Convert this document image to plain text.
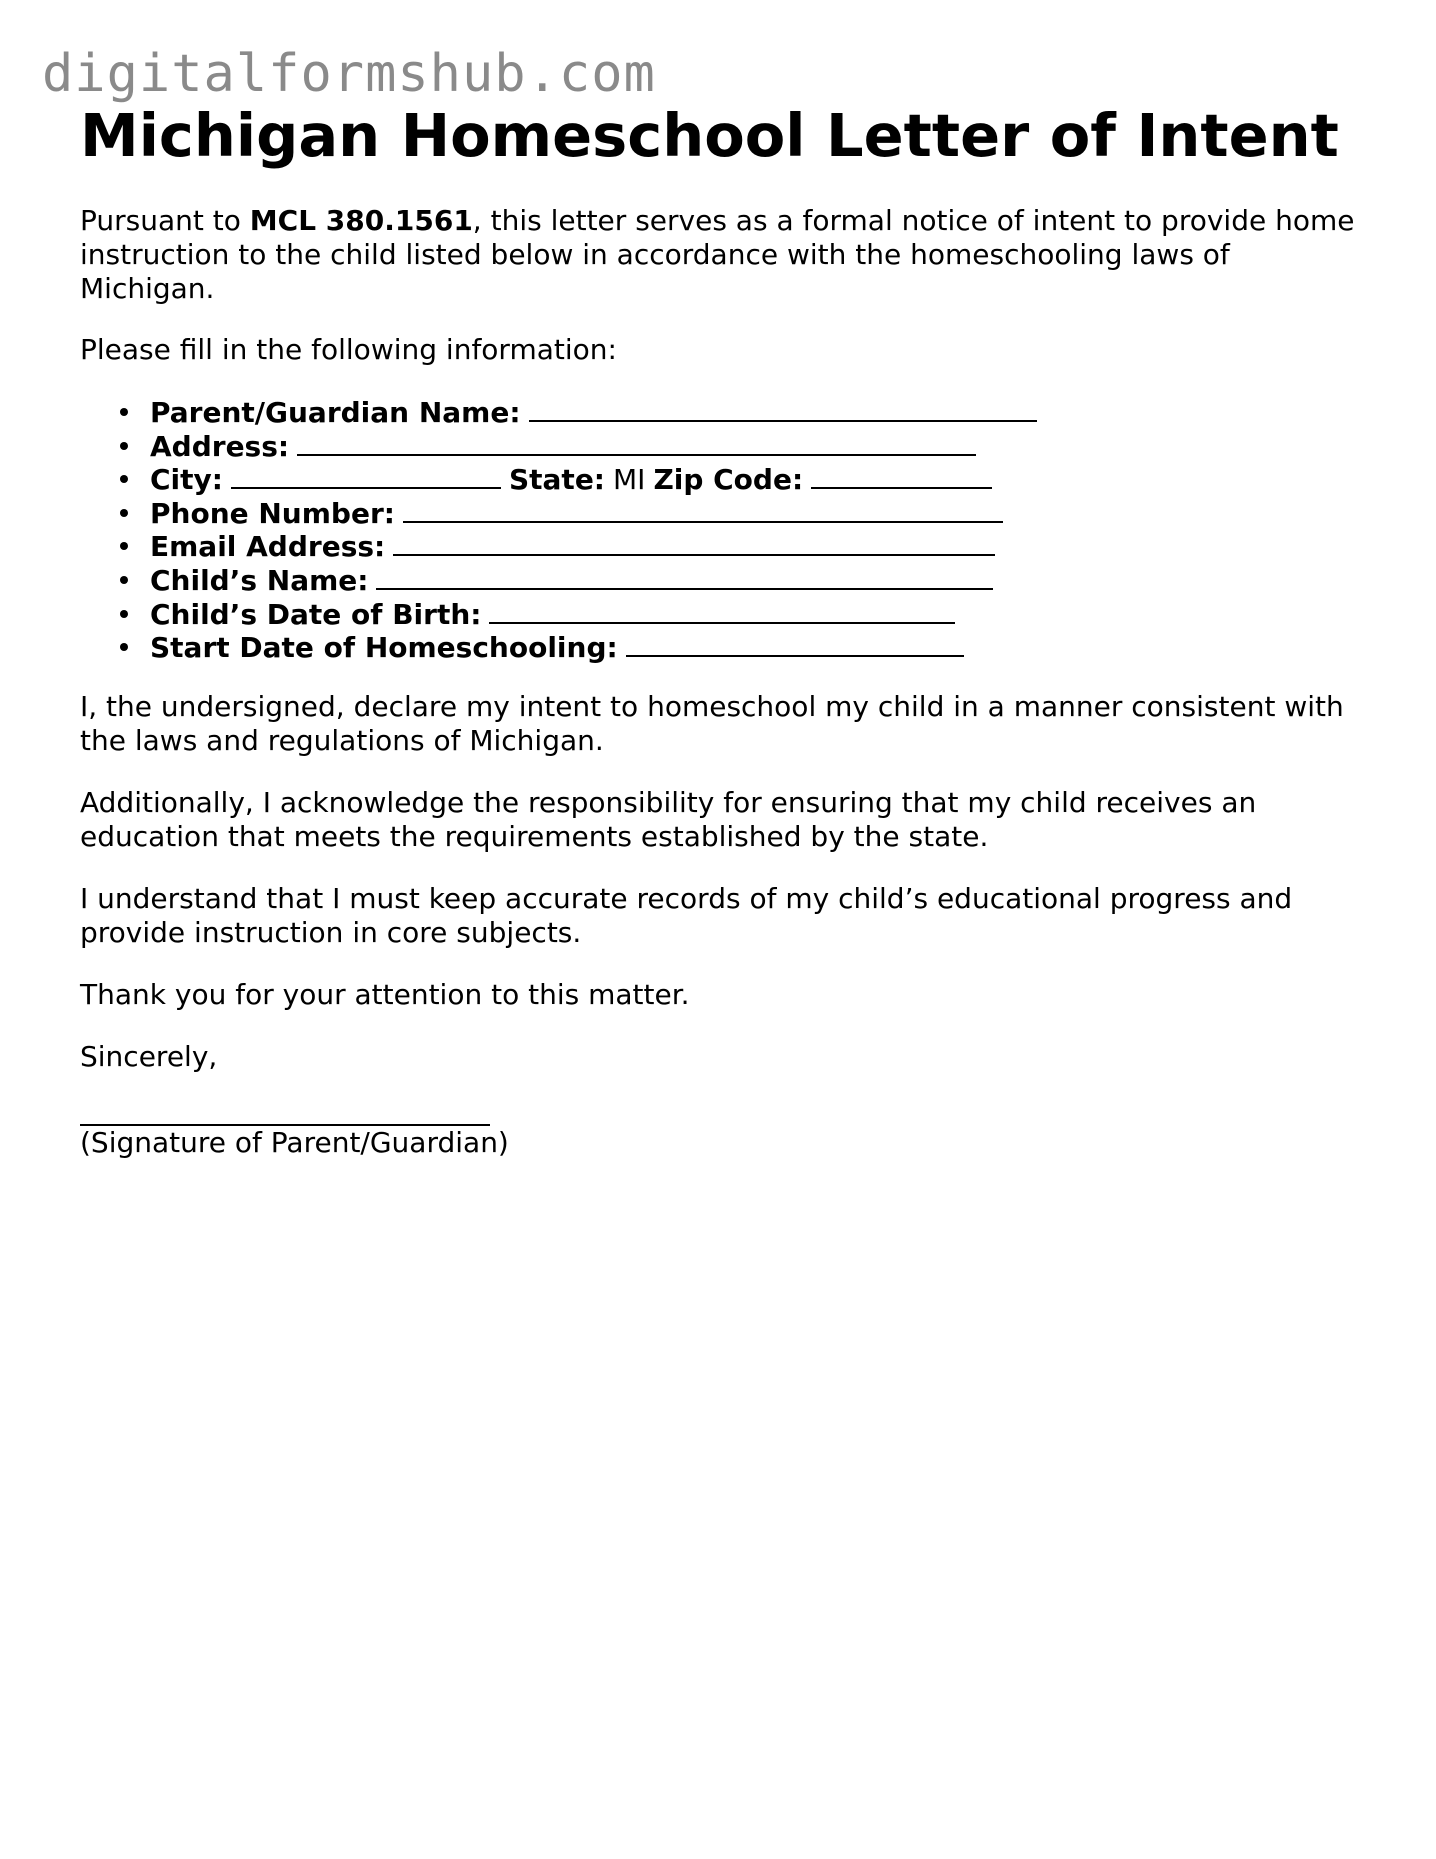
digitalformshub.com
Michigan Homeschool Letter of Intent

Pursuant to MCL 380.1561, this letter serves as a formal notice of intent to provide home instruction to the child listed below in accordance with the homeschooling laws of Michigan.

Please fill in the following information:

Parent/Guardian Name:
Address:
City:	State: MI Zip Code:
Phone Number:
Email Address:
Child’s Name:
Child’s Date of Birth:
Start Date of Homeschooling:

I, the undersigned, declare my intent to homeschool my child in a manner consistent with the laws and regulations of Michigan.

Additionally, I acknowledge the responsibility for ensuring that my child receives an education that meets the requirements established by the state.

I understand that I must keep accurate records of my child’s educational progress and provide instruction in core subjects.

Thank you for your attention to this matter.

Sincerely,

(Signature of Parent/Guardian)
